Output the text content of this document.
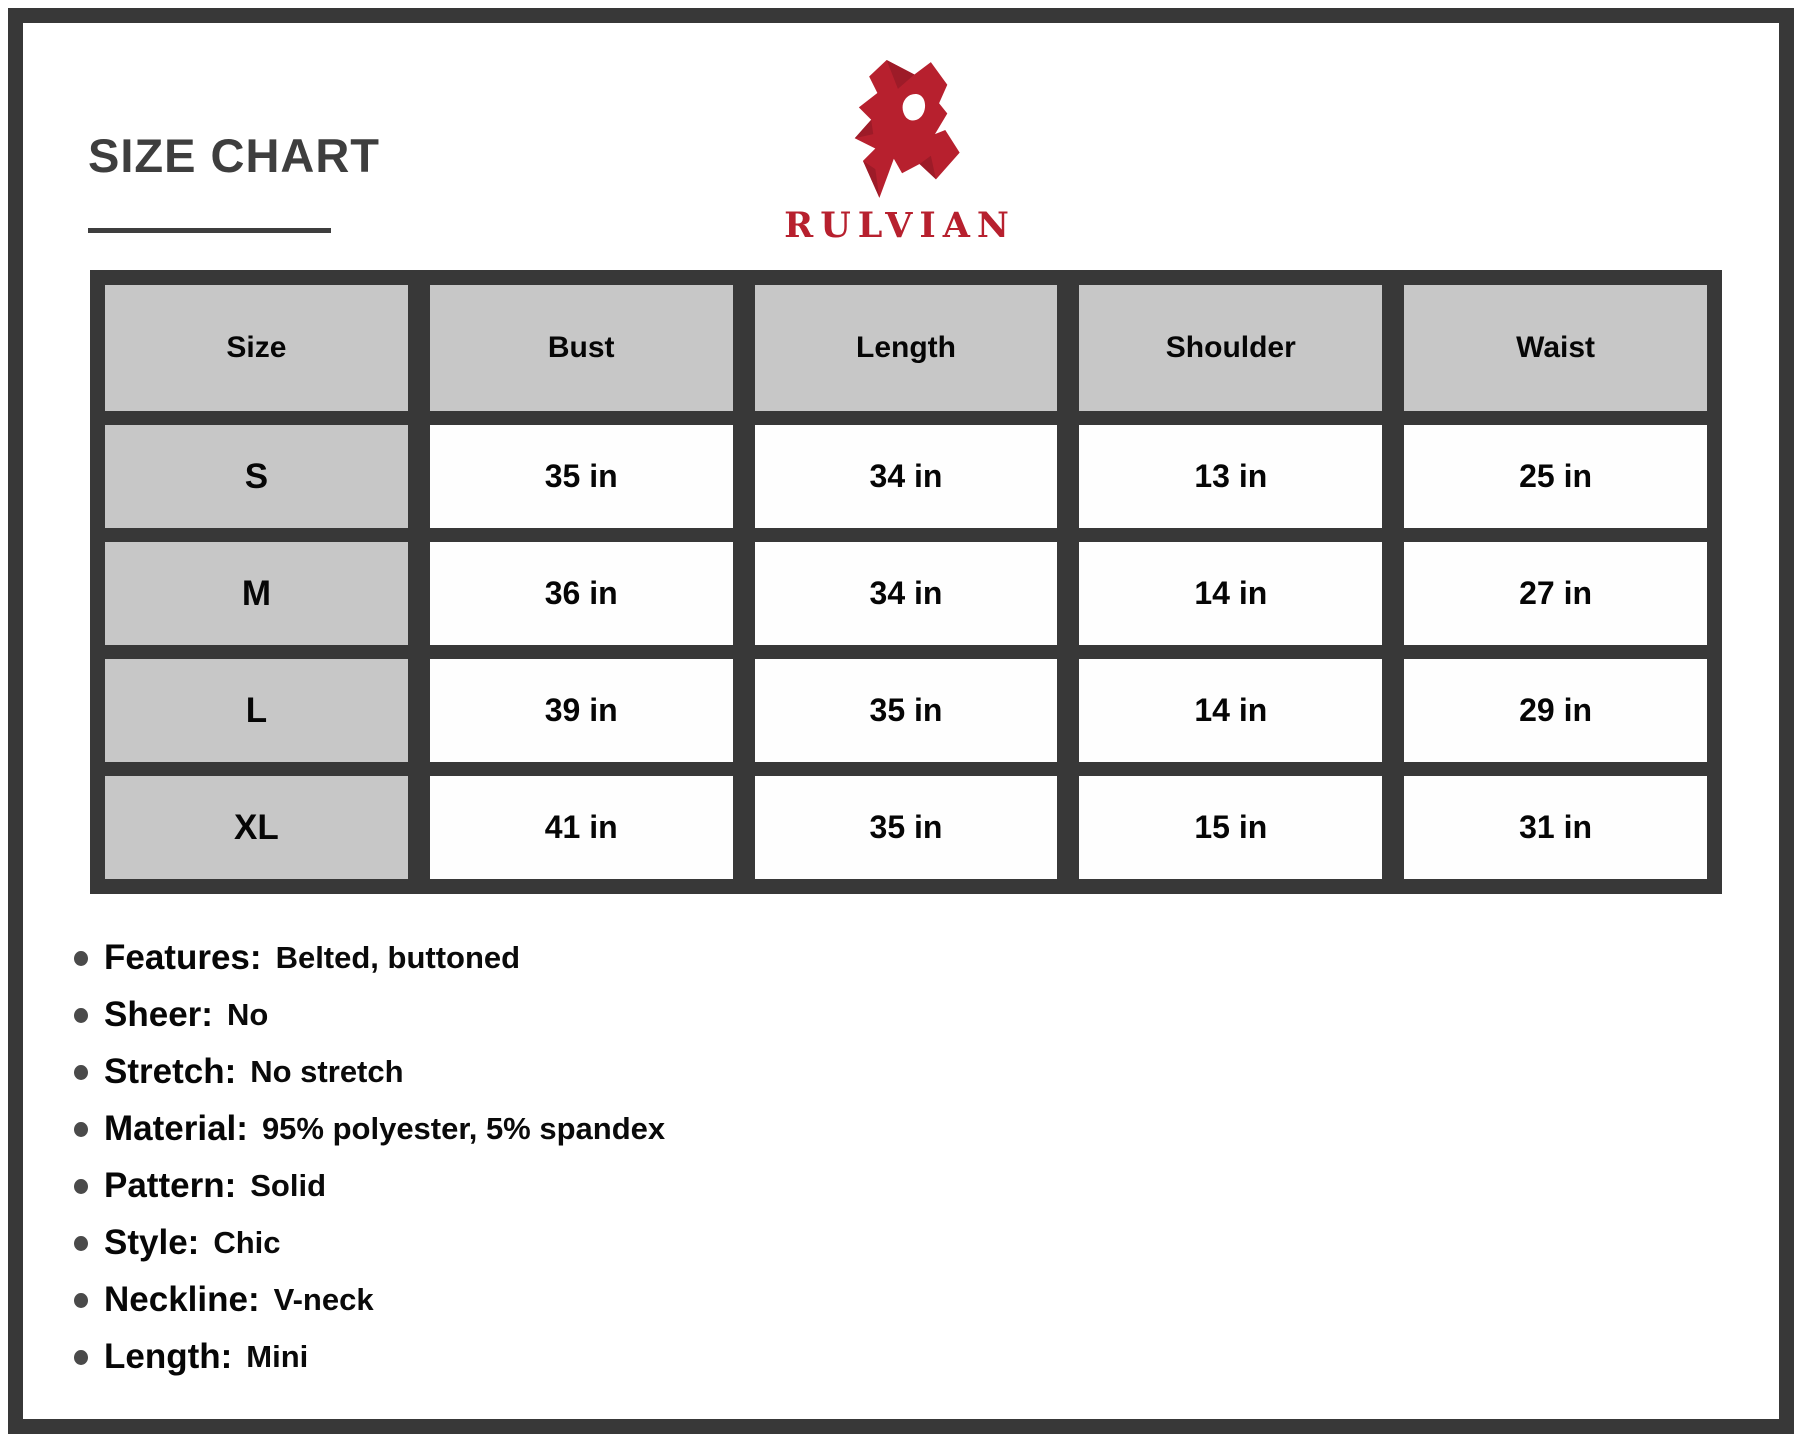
SIZE CHART
RULVIAN
Size	Bust	Length	Shoulder	Waist
S	35 in	34 in	13 in	25 in
M	36 in	34 in	14 in	27 in
L	39 in	35 in	14 in	29 in
XL	41 in	35 in	15 in	31 in
Features: Belted, buttoned
Sheer: No
Stretch: No stretch
Material: 95% polyester, 5% spandex
Pattern: Solid
Style: Chic
Neckline: V-neck
Length: Mini
